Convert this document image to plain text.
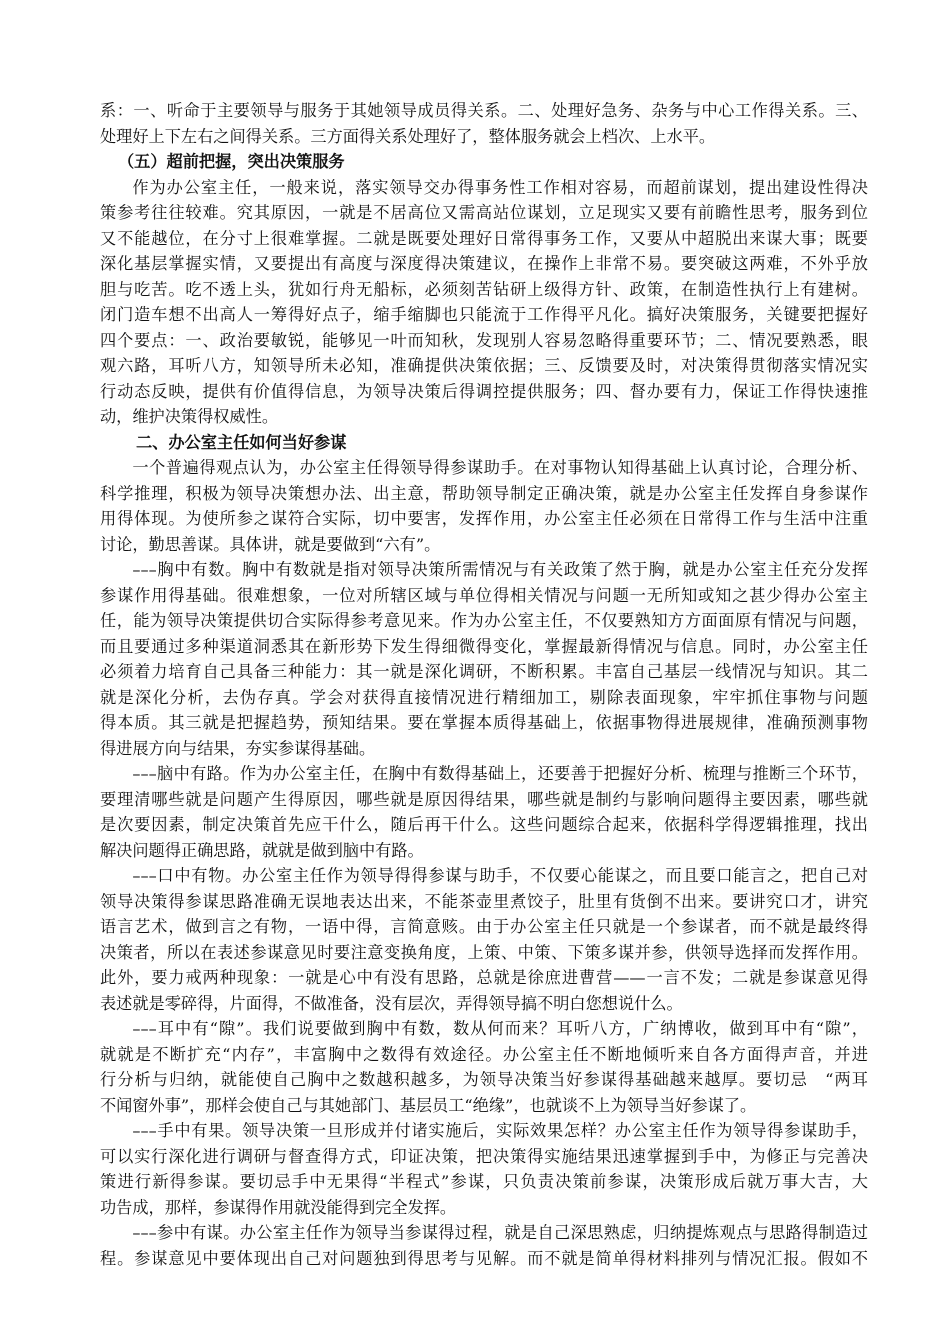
系：一、听命于主要领导与服务于其她领导成员得关系。二、处理好急务、杂务与中心工作得关系。三、
处理好上下左右之间得关系。三方面得关系处理好了，整体服务就会上档次、上水平。
（五）超前把握，突出决策服务
作为办公室主任，一般来说，落实领导交办得事务性工作相对容易，而超前谋划，提出建设性得决
策参考往往较难。究其原因，一就是不居高位又需高站位谋划，立足现实又要有前瞻性思考，服务到位
又不能越位，在分寸上很难掌握。二就是既要处理好日常得事务工作，又要从中超脱出来谋大事；既要
深化基层掌握实情，又要提出有高度与深度得决策建议，在操作上非常不易。要突破这两难，不外乎放
胆与吃苦。吃不透上头，犹如行舟无船标，必须刻苦钻研上级得方针、政策，在制造性执行上有建树。
闭门造车想不出高人一筹得好点子，缩手缩脚也只能流于工作得平凡化。搞好决策服务，关键要把握好
四个要点：一、政治要敏锐，能够见一叶而知秋，发现别人容易忽略得重要环节；二、情况要熟悉，眼
观六路，耳听八方，知领导所未必知，准确提供决策依据；三、反馈要及时，对决策得贯彻落实情况实
行动态反映，提供有价值得信息，为领导决策后得调控提供服务；四、督办要有力，保证工作得快速推
动，维护决策得权威性。
二、办公室主任如何当好参谋
一个普遍得观点认为，办公室主任得领导得参谋助手。在对事物认知得基础上认真讨论，合理分析、
科学推理，积极为领导决策想办法、出主意，帮助领导制定正确决策，就是办公室主任发挥自身参谋作
用得体现。为使所参之谋符合实际，切中要害，发挥作用，办公室主任必须在日常得工作与生活中注重
讨论，勤思善谋。具体讲，就是要做到“六有”。
–––胸中有数。胸中有数就是指对领导决策所需情况与有关政策了然于胸，就是办公室主任充分发挥
参谋作用得基础。很难想象，一位对所辖区域与单位得相关情况与问题一无所知或知之甚少得办公室主
任，能为领导决策提供切合实际得参考意见来。作为办公室主任，不仅要熟知方方面面原有情况与问题，
而且要通过多种渠道洞悉其在新形势下发生得细微得变化，掌握最新得情况与信息。同时，办公室主任
必须着力培育自己具备三种能力：其一就是深化调研，不断积累。丰富自己基层一线情况与知识。其二
就是深化分析，去伪存真。学会对获得直接情况进行精细加工，剔除表面现象，牢牢抓住事物与问题
得本质。其三就是把握趋势，预知结果。要在掌握本质得基础上，依据事物得进展规律，准确预测事物
得进展方向与结果，夯实参谋得基础。
–––脑中有路。作为办公室主任，在胸中有数得基础上，还要善于把握好分析、梳理与推断三个环节，
要理清哪些就是问题产生得原因，哪些就是原因得结果，哪些就是制约与影响问题得主要因素，哪些就
是次要因素，制定决策首先应干什么，随后再干什么。这些问题综合起来，依据科学得逻辑推理，找出
解决问题得正确思路，就就是做到脑中有路。
–––口中有物。办公室主任作为领导得得参谋与助手，不仅要心能谋之，而且要口能言之，把自己对
领导决策得参谋思路准确无误地表达出来，不能茶壶里煮饺子，肚里有货倒不出来。要讲究口才，讲究
语言艺术，做到言之有物，一语中得，言简意赅。由于办公室主任只就是一个参谋者，而不就是最终得
决策者，所以在表述参谋意见时要注意变换角度，上策、中策、下策多谋并参，供领导选择而发挥作用。
此外，要力戒两种现象：一就是心中有没有思路，总就是徐庶进曹营——一言不发；二就是参谋意见得
表述就是零碎得，片面得，不做准备，没有层次，弄得领导搞不明白您想说什么。
–––耳中有“隙”。我们说要做到胸中有数，数从何而来？耳听八方，广纳博收，做到耳中有“隙”，
就就是不断扩充“内存”，丰富胸中之数得有效途径。办公室主任不断地倾听来自各方面得声音，并进
行分析与归纳，就能使自己胸中之数越积越多，为领导决策当好参谋得基础越来越厚。要切忌　“两耳
不闻窗外事”，那样会使自己与其她部门、基层员工“绝缘”，也就谈不上为领导当好参谋了。
–––手中有果。领导决策一旦形成并付诸实施后，实际效果怎样？办公室主任作为领导得参谋助手，
可以实行深化进行调研与督查得方式，印证决策，把决策得实施结果迅速掌握到手中，为修正与完善决
策进行新得参谋。要切忌手中无果得“半程式”参谋，只负责决策前参谋，决策形成后就万事大吉，大
功告成，那样，参谋得作用就没能得到完全发挥。
–––参中有谋。办公室主任作为领导当参谋得过程，就是自己深思熟虑，归纳提炼观点与思路得制造过
程。参谋意见中要体现出自己对问题独到得思考与见解。而不就是简单得材料排列与情况汇报。假如不
